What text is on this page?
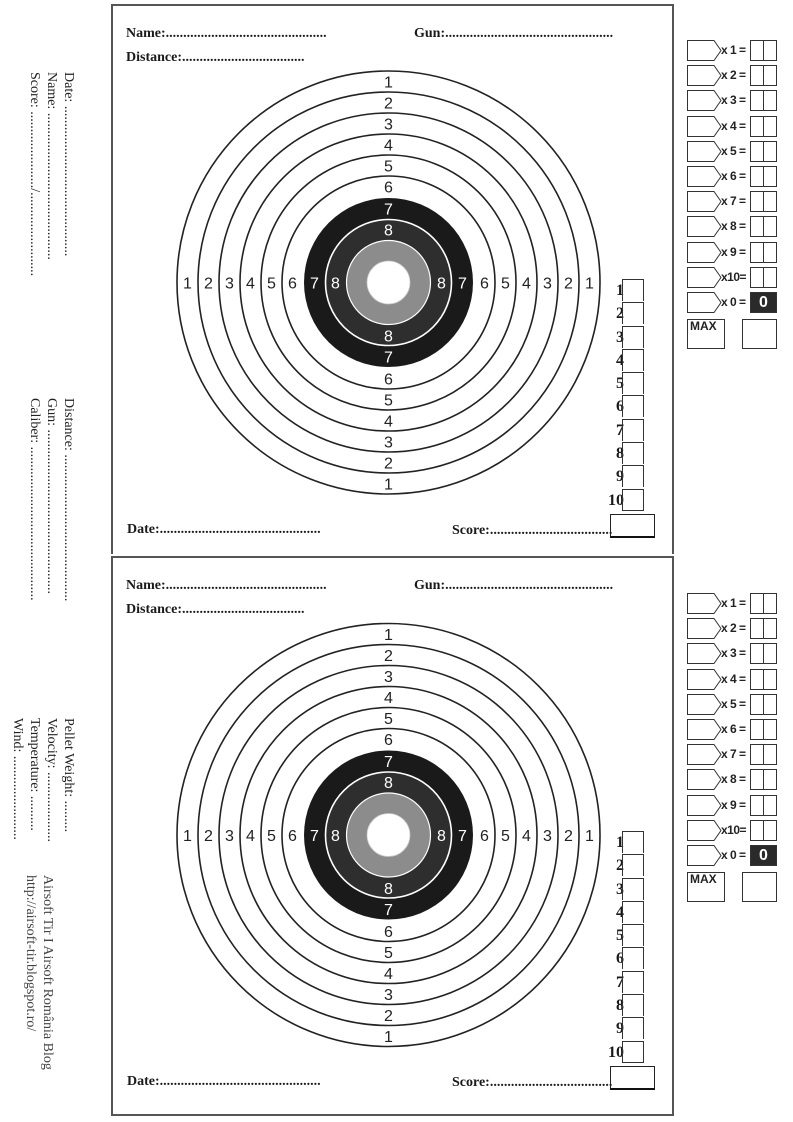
Date: ...........................................
Name: ..........................................
Score: ....................../........................
Distance: ..........................................
Gun: ...............................................
Caliber: ............................................
Pellet Weight: .........
Velocity: ....................
Temperature: ..........
Wind: ........................
Airsoft Tir I Airsoft România Blog
http://airsoft-tir.blogspot.ro/
Name:..............................................	Gun:................................................
Distance:...................................
Date:..............................................	Score:...................................
Name:..............................................	Gun:................................................
Distance:...................................
Date:..............................................	Score:...................................
1
1
1	1
2
2
2	2
3
3
3	3
4
4
4	4
5
5
5	5
6
6
6	6
7
7
7	7
8
8
8	8
1
1
1	1
2
2
2	2
3
3
3	3
4
4
4	4
5
5
5	5
6
6
6	6
7
7
7	7
8
8
8	8
1
2
3
4
5
6
7
8
9
10
1
2
3
4
5
6
7
8
9
10
x 1 =
x 2 =
x 3 =
x 4 =
x 5 =
x 6 =
x 7 =
x 8 =
x 9 =
x10=
x 0 = 0
MAX
x 1 =
x 2 =
x 3 =
x 4 =
x 5 =
x 6 =
x 7 =
x 8 =
x 9 =
x10=
x 0 = 0
MAX
